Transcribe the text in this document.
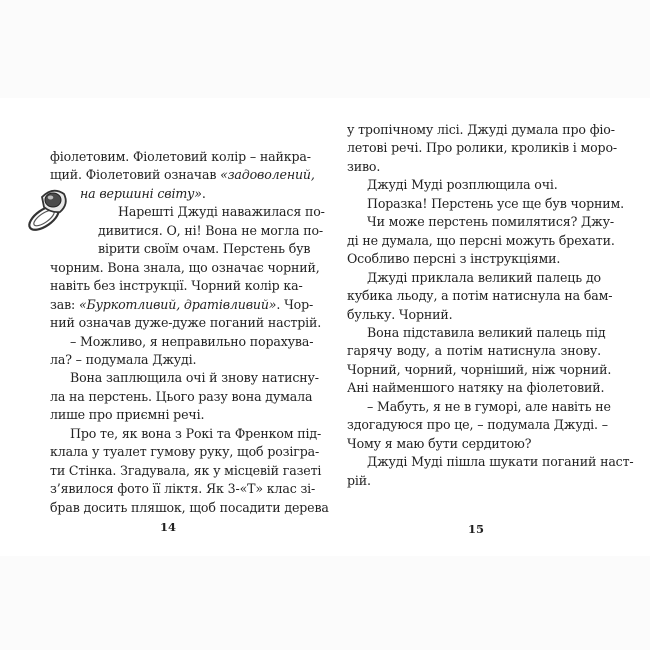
фіолетовим. Фіолетовий колір – найкра-
щий. Фіолетовий означав «задоволений,
на вершині світу».
Нарешті Джуді наважилася по-
дивитися. О, ні! Вона не могла по-
вірити своїм очам. Перстень був
чорним. Вона знала, що означає чорний,
навіть без інструкції. Чорний колір ка-
зав: «Буркотливий, дратівливий». Чор-
ний означав дуже-дуже поганий настрій.
– Можливо, я неправильно порахува-
ла? – подумала Джуді.
Вона заплющила очі й знову натисну-
ла на перстень. Цього разу вона думала
лише про приємні речі.
Про те, як вона з Рокі та Френком під-
клала у туалет гумову руку, щоб розігра-
ти Стінка. Згадувала, як у місцевій газеті
з’явилося фото її ліктя. Як 3-«Т» клас зі-
брав досить пляшок, щоб посадити дерева
14
у тропічному лісі. Джуді думала про фіо-
летові речі. Про ролики, кроликів і моро-
зиво.
Джуді Муді розплющила очі.
Поразка! Перстень усе ще був чорним.
Чи може перстень помилятися? Джу-
ді не думала, що персні можуть брехати.
Особливо персні з інструкціями.
Джуді приклала великий палець до
кубика льоду, а потім натиснула на бам-
бульку. Чорний.
Вона підставила великий палець під
гарячу воду, а потім натиснула знову.
Чорний, чорний, чорніший, ніж чорний.
Ані найменшого натяку на фіолетовий.
– Мабуть, я не в гуморі, але навіть не
здогадуюся про це, – подумала Джуді. –
Чому я маю бути сердитою?
Джуді Муді пішла шукати поганий наст-
рій.
15
